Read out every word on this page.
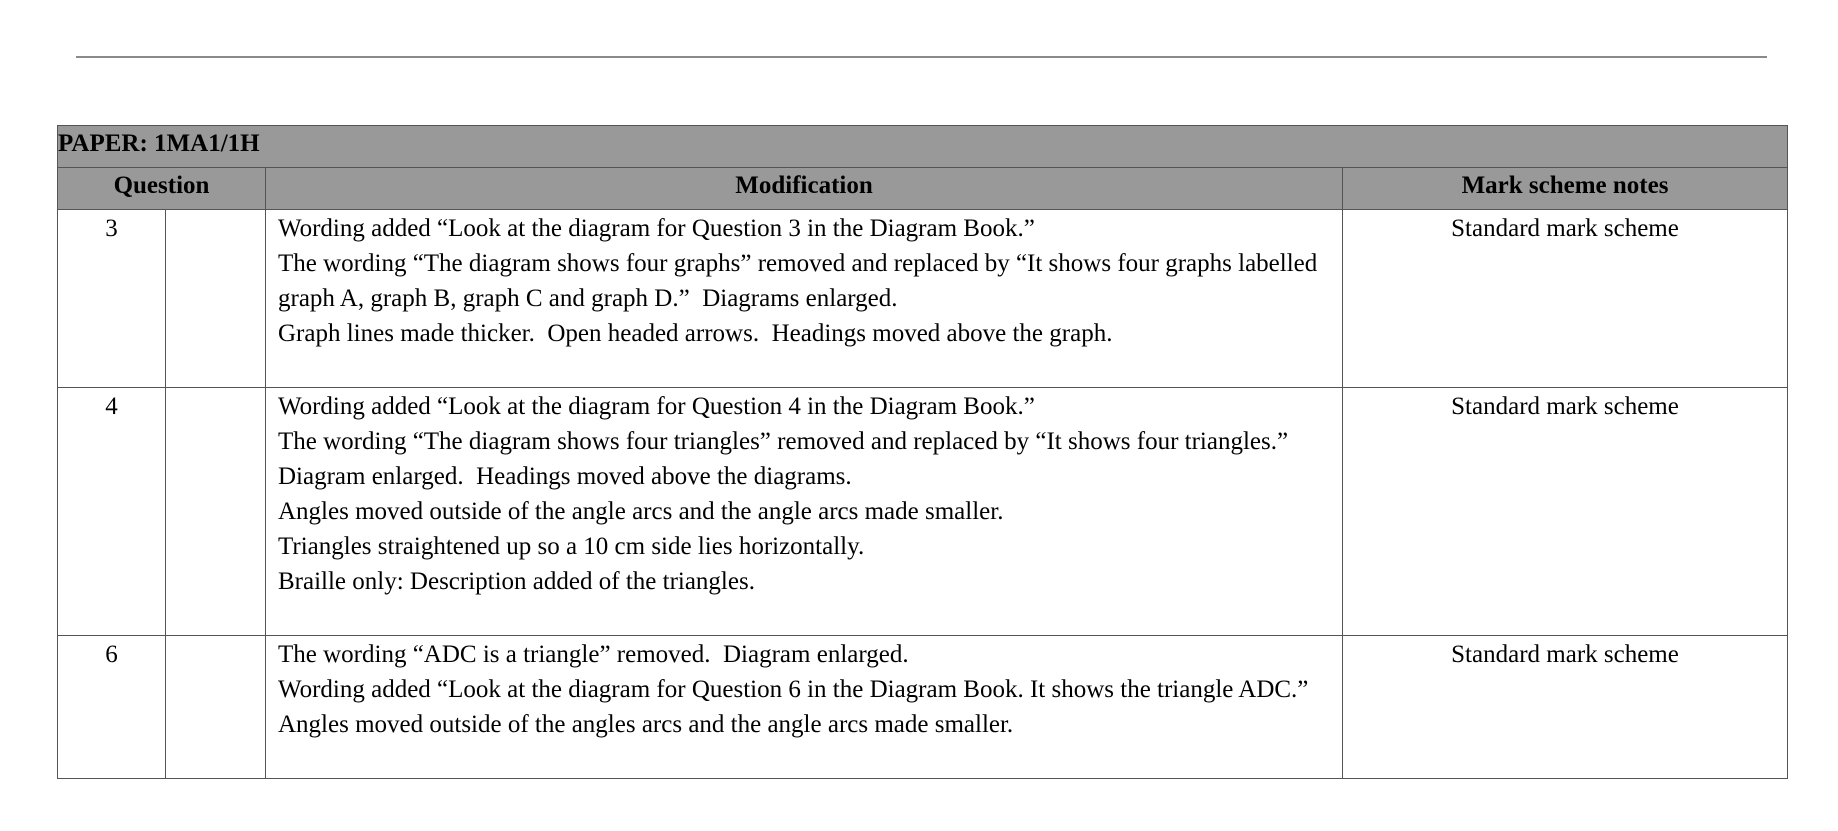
PAPER: 1MA1/1H			
Question		Modification	Mark scheme notes
3		Wording added “Look at the diagram for Question 3 in the Diagram Book.”
The wording “The diagram shows four graphs” removed and replaced by “It shows four graphs labelled graph A, graph B, graph C and graph D.”  Diagrams enlarged.
Graph lines made thicker.  Open headed arrows.  Headings moved above the graph.	Standard mark scheme
4		Wording added “Look at the diagram for Question 4 in the Diagram Book.”
The wording “The diagram shows four triangles” removed and replaced by “It shows four triangles.”  Diagram enlarged.  Headings moved above the diagrams.
Angles moved outside of the angle arcs and the angle arcs made smaller.
Triangles straightened up so a 10 cm side lies horizontally.
Braille only: Description added of the triangles.	Standard mark scheme
6		The wording “ADC is a triangle” removed.  Diagram enlarged.
Wording added “Look at the diagram for Question 6 in the Diagram Book. It shows the triangle ADC.”  Angles moved outside of the angles arcs and the angle arcs made smaller.	Standard mark scheme
